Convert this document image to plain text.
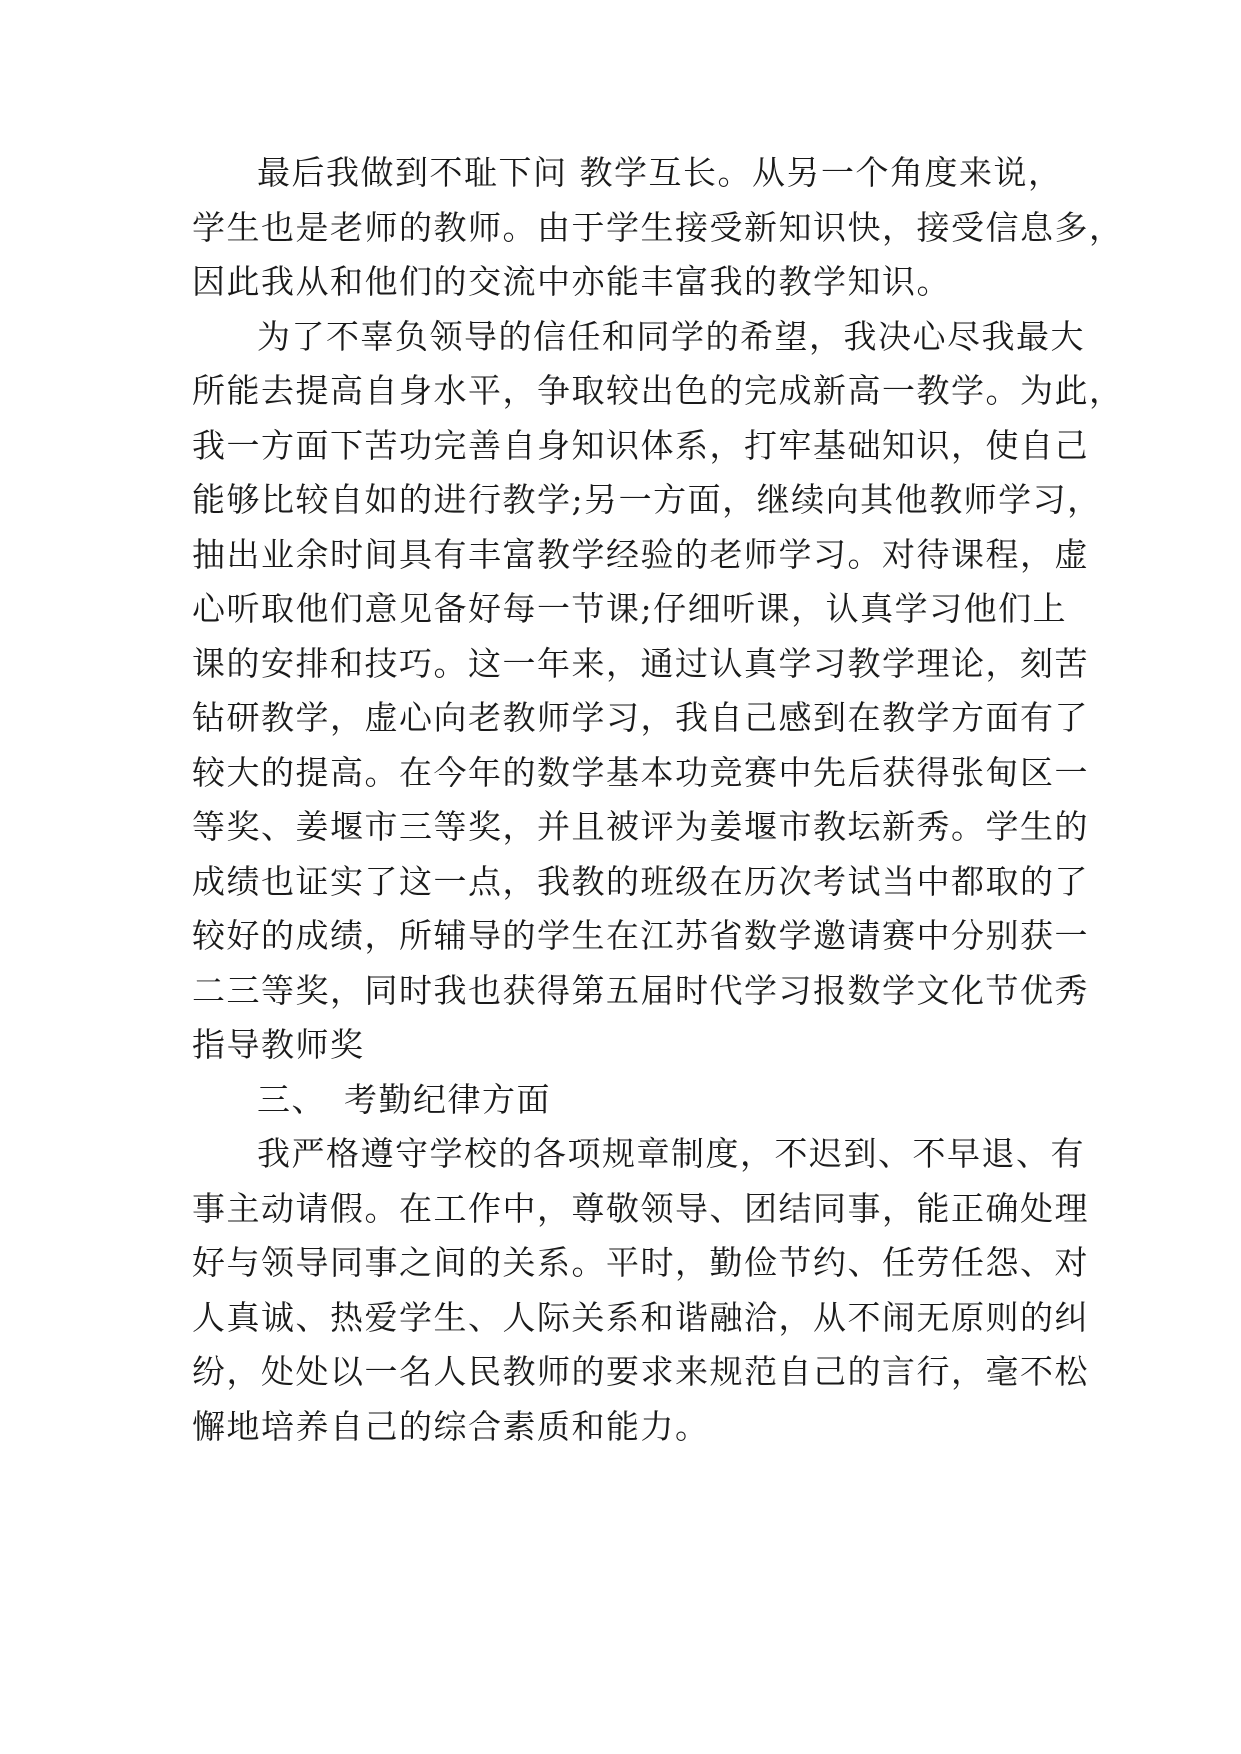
最后我做到不耻下问 教学互长。从另一个角度来说，
学生也是老师的教师。由于学生接受新知识快，接受信息多，
因此我从和他们的交流中亦能丰富我的教学知识。
为了不辜负领导的信任和同学的希望，我决心尽我最大
所能去提高自身水平，争取较出色的完成新高一教学。为此，
我一方面下苦功完善自身知识体系，打牢基础知识，使自己
能够比较自如的进行教学;另一方面，继续向其他教师学习，
抽出业余时间具有丰富教学经验的老师学习。对待课程，虚
心听取他们意见备好每一节课;仔细听课，认真学习他们上
课的安排和技巧。这一年来，通过认真学习教学理论，刻苦
钻研教学，虚心向老教师学习，我自己感到在教学方面有了
较大的提高。在今年的数学基本功竞赛中先后获得张甸区一
等奖、姜堰市三等奖，并且被评为姜堰市教坛新秀。学生的
成绩也证实了这一点，我教的班级在历次考试当中都取的了
较好的成绩，所辅导的学生在江苏省数学邀请赛中分别获一
二三等奖，同时我也获得第五届时代学习报数学文化节优秀
指导教师奖
三、　考勤纪律方面
我严格遵守学校的各项规章制度，不迟到、不早退、有
事主动请假。在工作中，尊敬领导、团结同事，能正确处理
好与领导同事之间的关系。平时，勤俭节约、任劳任怨、对
人真诚、热爱学生、人际关系和谐融洽，从不闹无原则的纠
纷，处处以一名人民教师的要求来规范自己的言行，毫不松
懈地培养自己的综合素质和能力。
